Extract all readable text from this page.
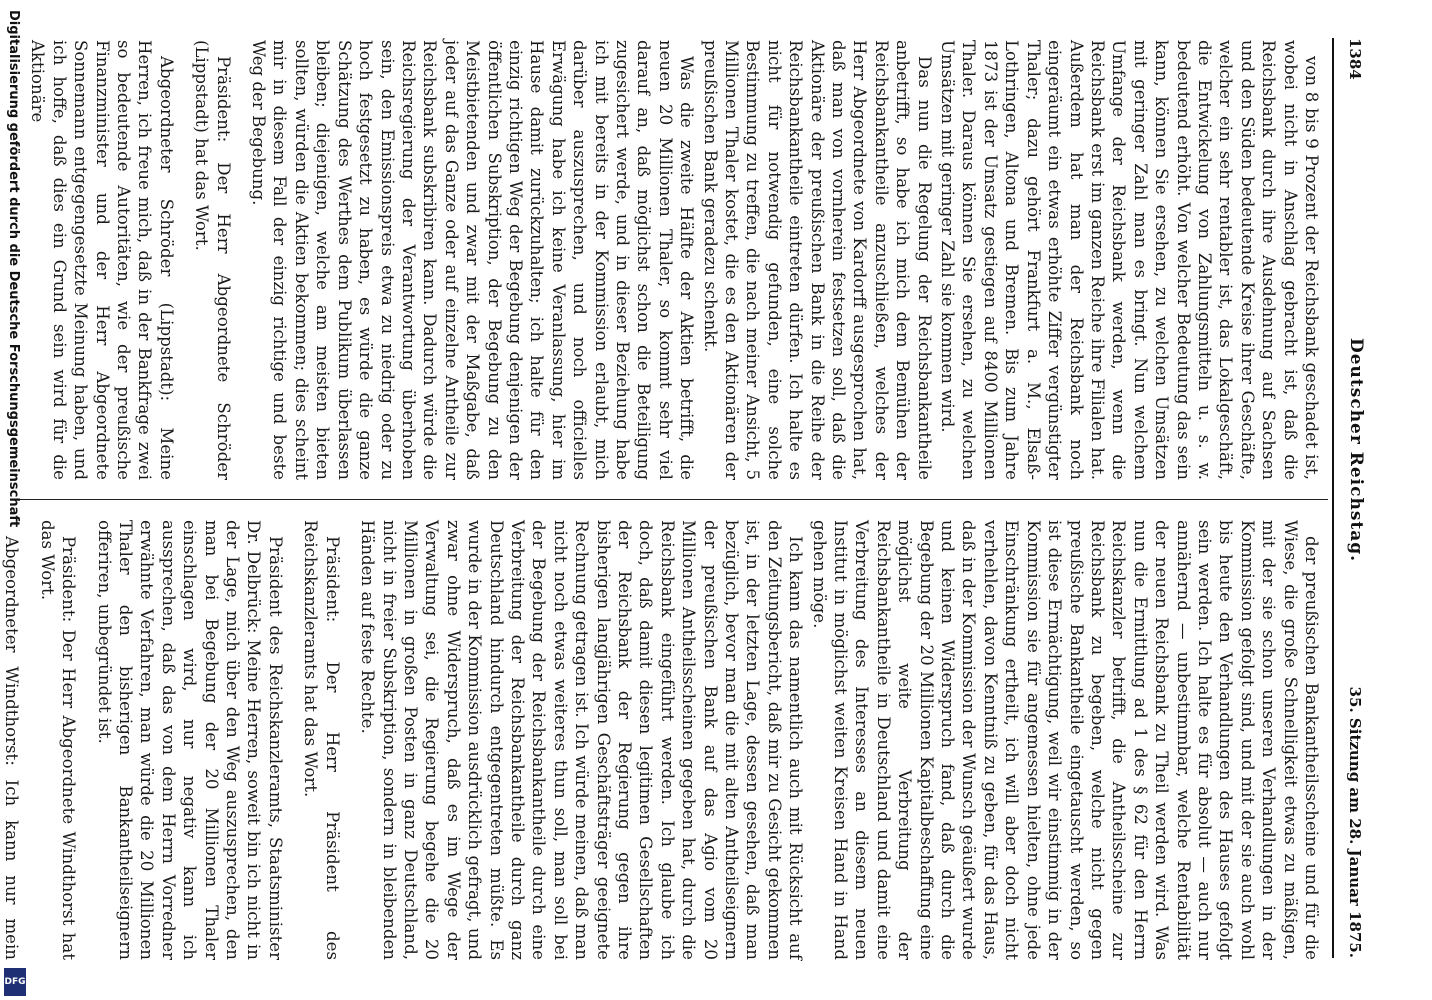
1384
Deutscher Reichstag.
35. Sitzung am 28. Januar 1875.

von 8 bis 9 Prozent der Reichsbank geschadet ist, wobei nicht in Anschlag gebracht ist, daß die Reichsbank durch ihre Ausdehnung auf Sachsen und den Süden bedeutende Kreise ihrer Geschäfte, welcher ein sehr rentabler ist, das Lokalgeschäft, die Entwickelung von Zahlungsmitteln u. s. w. bedeutend erhöht. Von welcher Bedeutung das sein kann, können Sie ersehen, zu welchen Umsätzen mit geringer Zahl man es bringt. Nun welchem Umfange der Reichsbank werden, wenn die Reichsbank erst im ganzen Reiche ihre Filialen hat. Außerdem hat man der Reichsbank noch eingeräumt ein etwas erhöhte Ziffer vergünstigter Thaler; dazu gehört Frankfurt a. M., Elsaß-Lothringen, Altona und Bremen. Bis zum Jahre 1873 ist der Umsatz gestiegen auf 8400 Millionen Thaler. Daraus können Sie ersehen, zu welchen Umsätzen mit geringer Zahl sie kommen wird.

Das nun die Regelung der Reichsbankantheile anbetrifft, so habe ich mich dem Bemühen der Reichsbankantheile anzuschließen, welches der Herr Abgeordnete von Kardorff ausgesprochen hat, daß man von vornherein festsetzen soll, daß die Aktionäre der preußischen Bank in die Reihe der Reichsbankantheile eintreten dürfen. Ich halte es nicht für notwendig gefunden, eine solche Bestimmung zu treffen, die nach meiner Ansicht, 5 Millionen Thaler kostet, die es den Aktionären der preußischen Bank geradezu schenkt.

Was die zweite Hälfte der Aktien betrifft, die neuen 20 Millionen Thaler, so kommt sehr viel darauf an, daß möglichst schon die Beteiligung zugesichert werde, und in dieser Beziehung habe ich mit bereits in der Kommission erlaubt, mich darüber auszusprechen, und noch officielles Erwägung habe ich keine Veranlassung, hier im Hause damit zurückzuhalten; ich halte für den einzig richtigen Weg der Begebung denjenigen der öffentlichen Subskription, der Begebung zu den Meistbietenden und zwar mit der Maßgabe, daß jeder auf das Ganze oder auf einzelne Antheile zur Reichsbank subskribiren kann. Dadurch würde die Reichsregierung der Verantwortung überhoben sein, den Emissionspreis etwa zu niedrig oder zu hoch festgesetzt zu haben, es würde die ganze Schätzung des Werthes dem Publikum überlassen bleiben; diejenigen, welche am meisten bieten sollten, würden die Aktien bekommen; dies scheint mir in diesem Fall der einzig richtige und beste Weg der Begebung.

Präsident: Der Herr Abgeordnete Schröder (Lippstadt) hat das Wort.

Abgeordneter Schröder (Lippstadt): Meine Herren, ich freue mich, daß in der Bankfrage zwei so bedeutende Autoritäten, wie der preußische Finanzminister und der Herr Abgeordnete Sonnemann entgegengesetzte Meinung haben, und ich hoffe, daß dies ein Grund sein wird für die Aktionäre

der preußischen Bankantheilsscheine und für die Wiese, die große Schnelligkeit etwas zu mäßigen, mit der sie schon unseren Verhandlungen in der Kommission gefolgt sind, und mit der sie auch wohl bis heute den Verhandlungen des Hauses gefolgt sein werden. Ich halte es für absolut — auch nur annähernd — unbestimmbar, welche Rentabilität der neuen Reichsbank zu Theil werden wird. Was nun die Ermittlung ad 1 des § 62 für den Herrn Reichskanzler betrifft, die Antheilsscheine zur Reichsbank zu begeben, welche nicht gegen preußische Bankantheile eingetauscht werden, so ist diese Ermächtigung, weil wir einstimmig in der Kommission sie für angemessen hielten, ohne jede Einschränkung ertheilt, ich will aber doch nicht verhehlen, davon Kenntniß zu geben, für das Haus, daß in der Kommission der Wunsch geäußert wurde und keinen Widerspruch fand, daß durch die Begebung der 20 Millionen Kapitalbeschaffung eine möglichst weite Verbreitung der Reichsbankantheile in Deutschland und damit eine Verbreitung des Interesses an diesem neuen Institut in möglichst weiten Kreisen Hand in Hand gehen möge.

Ich kann das namentlich auch mit Rücksicht auf den Zeitungsbericht, daß mir zu Gesicht gekommen ist, in der letzten Lage, dessen gesehen, daß man bezüglich, bevor man die mit alten Antheilseignern der preußischen Bank auf das Agio vom 20 Millionen Antheilsscheinen gegeben hat, durch die Reichsbank eingeführt werden. Ich glaube ich doch, daß damit diesen legitimen Gesellschaften der Reichsbank der Regierung gegen ihre bisherigen langjährigen Geschäftsträger geeignete Rechnung getragen ist. Ich würde meinen, daß man nicht noch etwas weiteres thun soll, man soll bei der Begebung der Reichsbankantheile durch eine Verbreitung der Reichsbankantheile durch ganz Deutschland hindurch entgegentreten müßte. Es wurde in der Kommission ausdrücklich gefragt, und zwar ohne Widerspruch, daß es im Wege der Verwaltung sei, die Regierung begehe die 20 Millionen in großen Posten in ganz Deutschland, nicht in freier Subskription, sondern in bleibenden Händen auf feste Rechte.

Präsident: Der Herr Präsident des Reichskanzleramts hat das Wort.

Präsident des Reichskanzleramts, Staatsminister Dr. Delbrück: Meine Herren, soweit bin ich nicht in der Lage, mich über den Weg auszusprechen, den man bei Begebung der 20 Millionen Thaler einschlagen wird, nur negativ kann ich aussprechen, daß das von dem Herrn Vorredner erwähnte Verfahren, man würde die 20 Millionen Thaler den bisherigen Bankantheilseignern offeriren, unbegründet ist.

Präsident: Der Herr Abgeordnete Windthorst hat das Wort.

Abgeordneter Windthorst: Ich kann nur mein

Digitalisierung gefördert durch die Deutsche Forschungsgemeinschaft
DFG
